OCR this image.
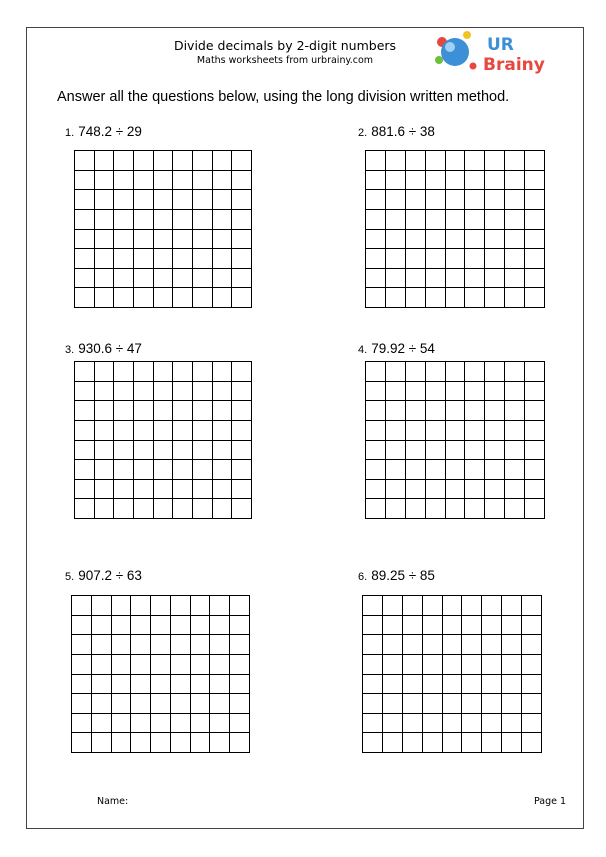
Divide decimals by 2-digit numbers
Maths worksheets from urbrainy.com
UR
Brainy
Answer all the questions below, using the long division written method.
1. 748.2 ÷ 29	2. 881.6 ÷ 38
3. 930.6 ÷ 47	4. 79.92 ÷ 54
5. 907.2 ÷ 63	6. 89.25 ÷ 85
Name:	Page 1
